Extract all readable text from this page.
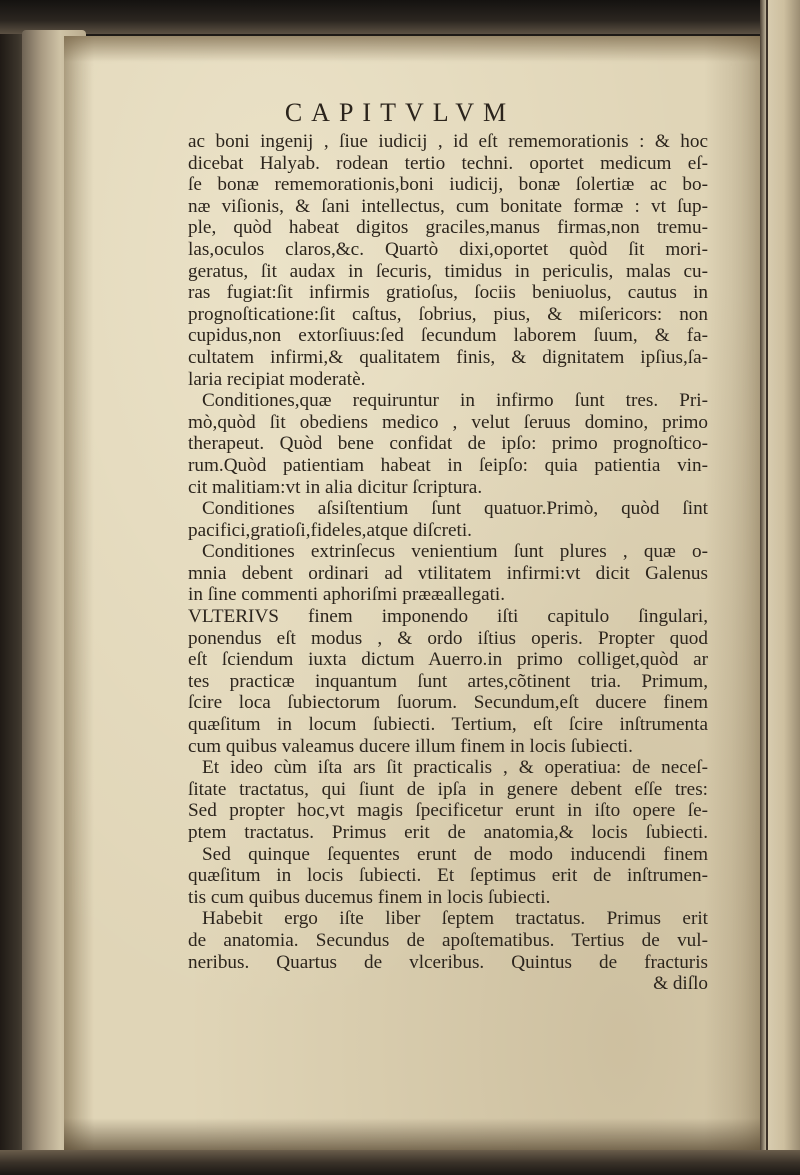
CAPITVLVM
ac boni ingenij , ſiue iudicij , id eſt rememorationis : & hoc
dicebat Halyab. rodean tertio techni. oportet medicum eſ-
ſe bonæ rememorationis,boni iudicij, bonæ ſolertiæ ac bo-
næ viſionis, & ſani intellectus, cum bonitate formæ : vt ſup-
ple, quòd habeat digitos graciles,manus firmas,non tremu-
las,oculos claros,&c. Quartò dixi,oportet quòd ſit mori-
geratus, ſit audax in ſecuris, timidus in periculis, malas cu-
ras fugiat:ſit infirmis gratioſus, ſociis beniuolus, cautus in
prognoſticatione:ſit caſtus, ſobrius, pius, & miſericors: non
cupidus,non extorſiuus:ſed ſecundum laborem ſuum, & fa-
cultatem infirmi,& qualitatem finis, & dignitatem ipſius,ſa-
laria recipiat moderatè.
Conditiones,quæ requiruntur in infirmo ſunt tres. Pri-
mò,quòd ſit obediens medico , velut ſeruus domino, primo
therapeut. Quòd bene confidat de ipſo: primo prognoſtico-
rum.Quòd patientiam habeat in ſeipſo: quia patientia vin-
cit malitiam:vt in alia dicitur ſcriptura.
Conditiones aſsiſtentium ſunt quatuor.Primò, quòd ſint
pacifici,gratioſi,fideles,atque diſcreti.
Conditiones extrinſecus venientium ſunt plures , quæ o-
mnia debent ordinari ad vtilitatem infirmi:vt dicit Galenus
in ſine commenti aphoriſmi prææallegati.
VLTERIVS finem imponendo iſti capitulo ſingulari,
ponendus eſt modus , & ordo iſtius operis. Propter quod
eſt ſciendum iuxta dictum Auerro.in primo colliget,quòd ar
tes practicæ inquantum ſunt artes,cõtinent tria. Primum,
ſcire loca ſubiectorum ſuorum. Secundum,eſt ducere finem
quæſitum in locum ſubiecti. Tertium, eſt ſcire inſtrumenta
cum quibus valeamus ducere illum finem in locis ſubiecti.
Et ideo cùm iſta ars ſit practicalis , & operatiua: de neceſ-
ſitate tractatus, qui ſiunt de ipſa in genere debent eſſe tres:
Sed propter hoc,vt magis ſpecificetur erunt in iſto opere ſe-
ptem tractatus. Primus erit de anatomia,& locis ſubiecti.
Sed quinque ſequentes erunt de modo inducendi finem
quæſitum in locis ſubiecti. Et ſeptimus erit de inſtrumen-
tis cum quibus ducemus finem in locis ſubiecti.
Habebit ergo iſte liber ſeptem tractatus. Primus erit
de anatomia. Secundus de apoſtematibus. Tertius de vul-
neribus. Quartus de vlceribus. Quintus de fracturis
& diſlo
